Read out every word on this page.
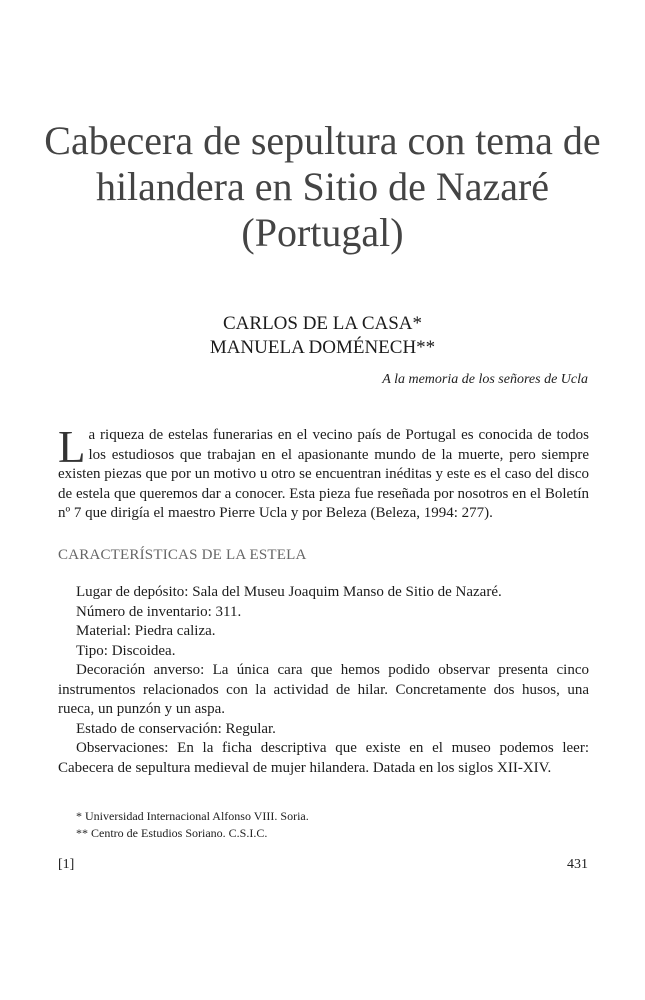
Cabecera de sepultura con tema de
hilandera en Sitio de Nazaré
(Portugal)
CARLOS DE LA CASA*
MANUELA DOMÉNECH**
A la memoria de los señores de Ucla

La riqueza de estelas funerarias en el vecino país de Portugal es conocida de todos los estudiosos que trabajan en el apasionante mundo de la muerte, pero siempre existen piezas que por un motivo u otro se encuentran inéditas y este es el caso del disco de estela que queremos dar a conocer. Esta pieza fue reseñada por nosotros en el Boletín nº 7 que dirigía el maestro Pierre Ucla y por Beleza (Beleza, 1994: 277).

CARACTERÍSTICAS DE LA ESTELA

Lugar de depósito: Sala del Museu Joaquim Manso de Sitio de Nazaré.

Número de inventario: 311.

Material: Piedra caliza.

Tipo: Discoidea.

Decoración anverso: La única cara que hemos podido observar presenta cinco instrumentos relacionados con la actividad de hilar. Concretamente dos husos, una rueca, un punzón y un aspa.

Estado de conservación: Regular.

Observaciones: En la ficha descriptiva que existe en el museo podemos leer: Cabecera de sepultura medieval de mujer hilandera. Datada en los siglos XII-XIV.

* Universidad Internacional Alfonso VIII. Soria.
** Centro de Estudios Soriano. C.S.I.C.
[1]	431
